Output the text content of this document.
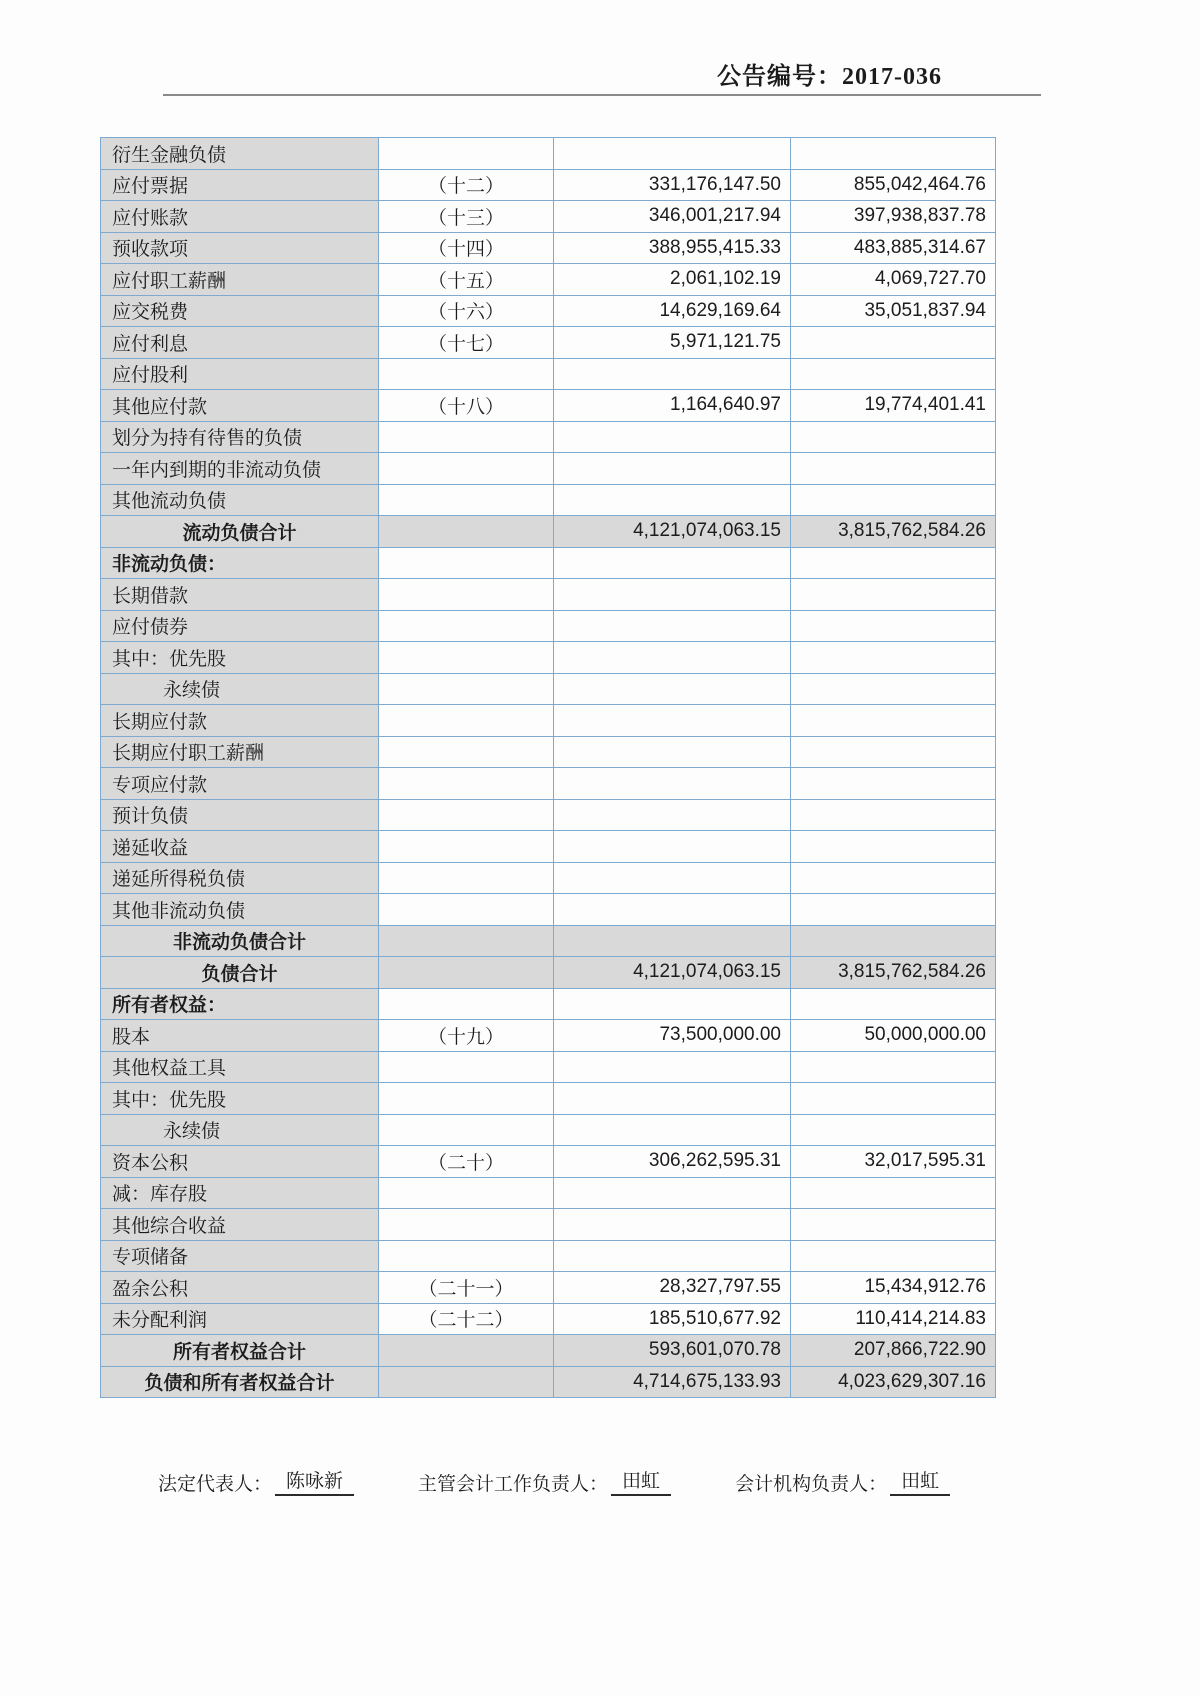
公告编号：2017-036
衍生金融负债			
应付票据	（十二）	331,176,147.50	855,042,464.76
应付账款	（十三）	346,001,217.94	397,938,837.78
预收款项	（十四）	388,955,415.33	483,885,314.67
应付职工薪酬	（十五）	2,061,102.19	4,069,727.70
应交税费	（十六）	14,629,169.64	35,051,837.94
应付利息	（十七）	5,971,121.75	
应付股利			
其他应付款	（十八）	1,164,640.97	19,774,401.41
划分为持有待售的负债			
一年内到期的非流动负债			
其他流动负债			
流动负债合计		4,121,074,063.15	3,815,762,584.26
非流动负债：			
长期借款			
应付债券			
其中：优先股			
永续债			
长期应付款			
长期应付职工薪酬			
专项应付款			
预计负债			
递延收益			
递延所得税负债			
其他非流动负债			
非流动负债合计			
负债合计		4,121,074,063.15	3,815,762,584.26
所有者权益：			
股本	（十九）	73,500,000.00	50,000,000.00
其他权益工具			
其中：优先股			
永续债			
资本公积	（二十）	306,262,595.31	32,017,595.31
减：库存股			
其他综合收益			
专项储备			
盈余公积	（二十一）	28,327,797.55	15,434,912.76
未分配利润	（二十二）	185,510,677.92	110,414,214.83
所有者权益合计		593,601,070.78	207,866,722.90
负债和所有者权益合计		4,714,675,133.93	4,023,629,307.16
法定代表人： 陈咏新	主管会计工作负责人： 田虹	会计机构负责人： 田虹
